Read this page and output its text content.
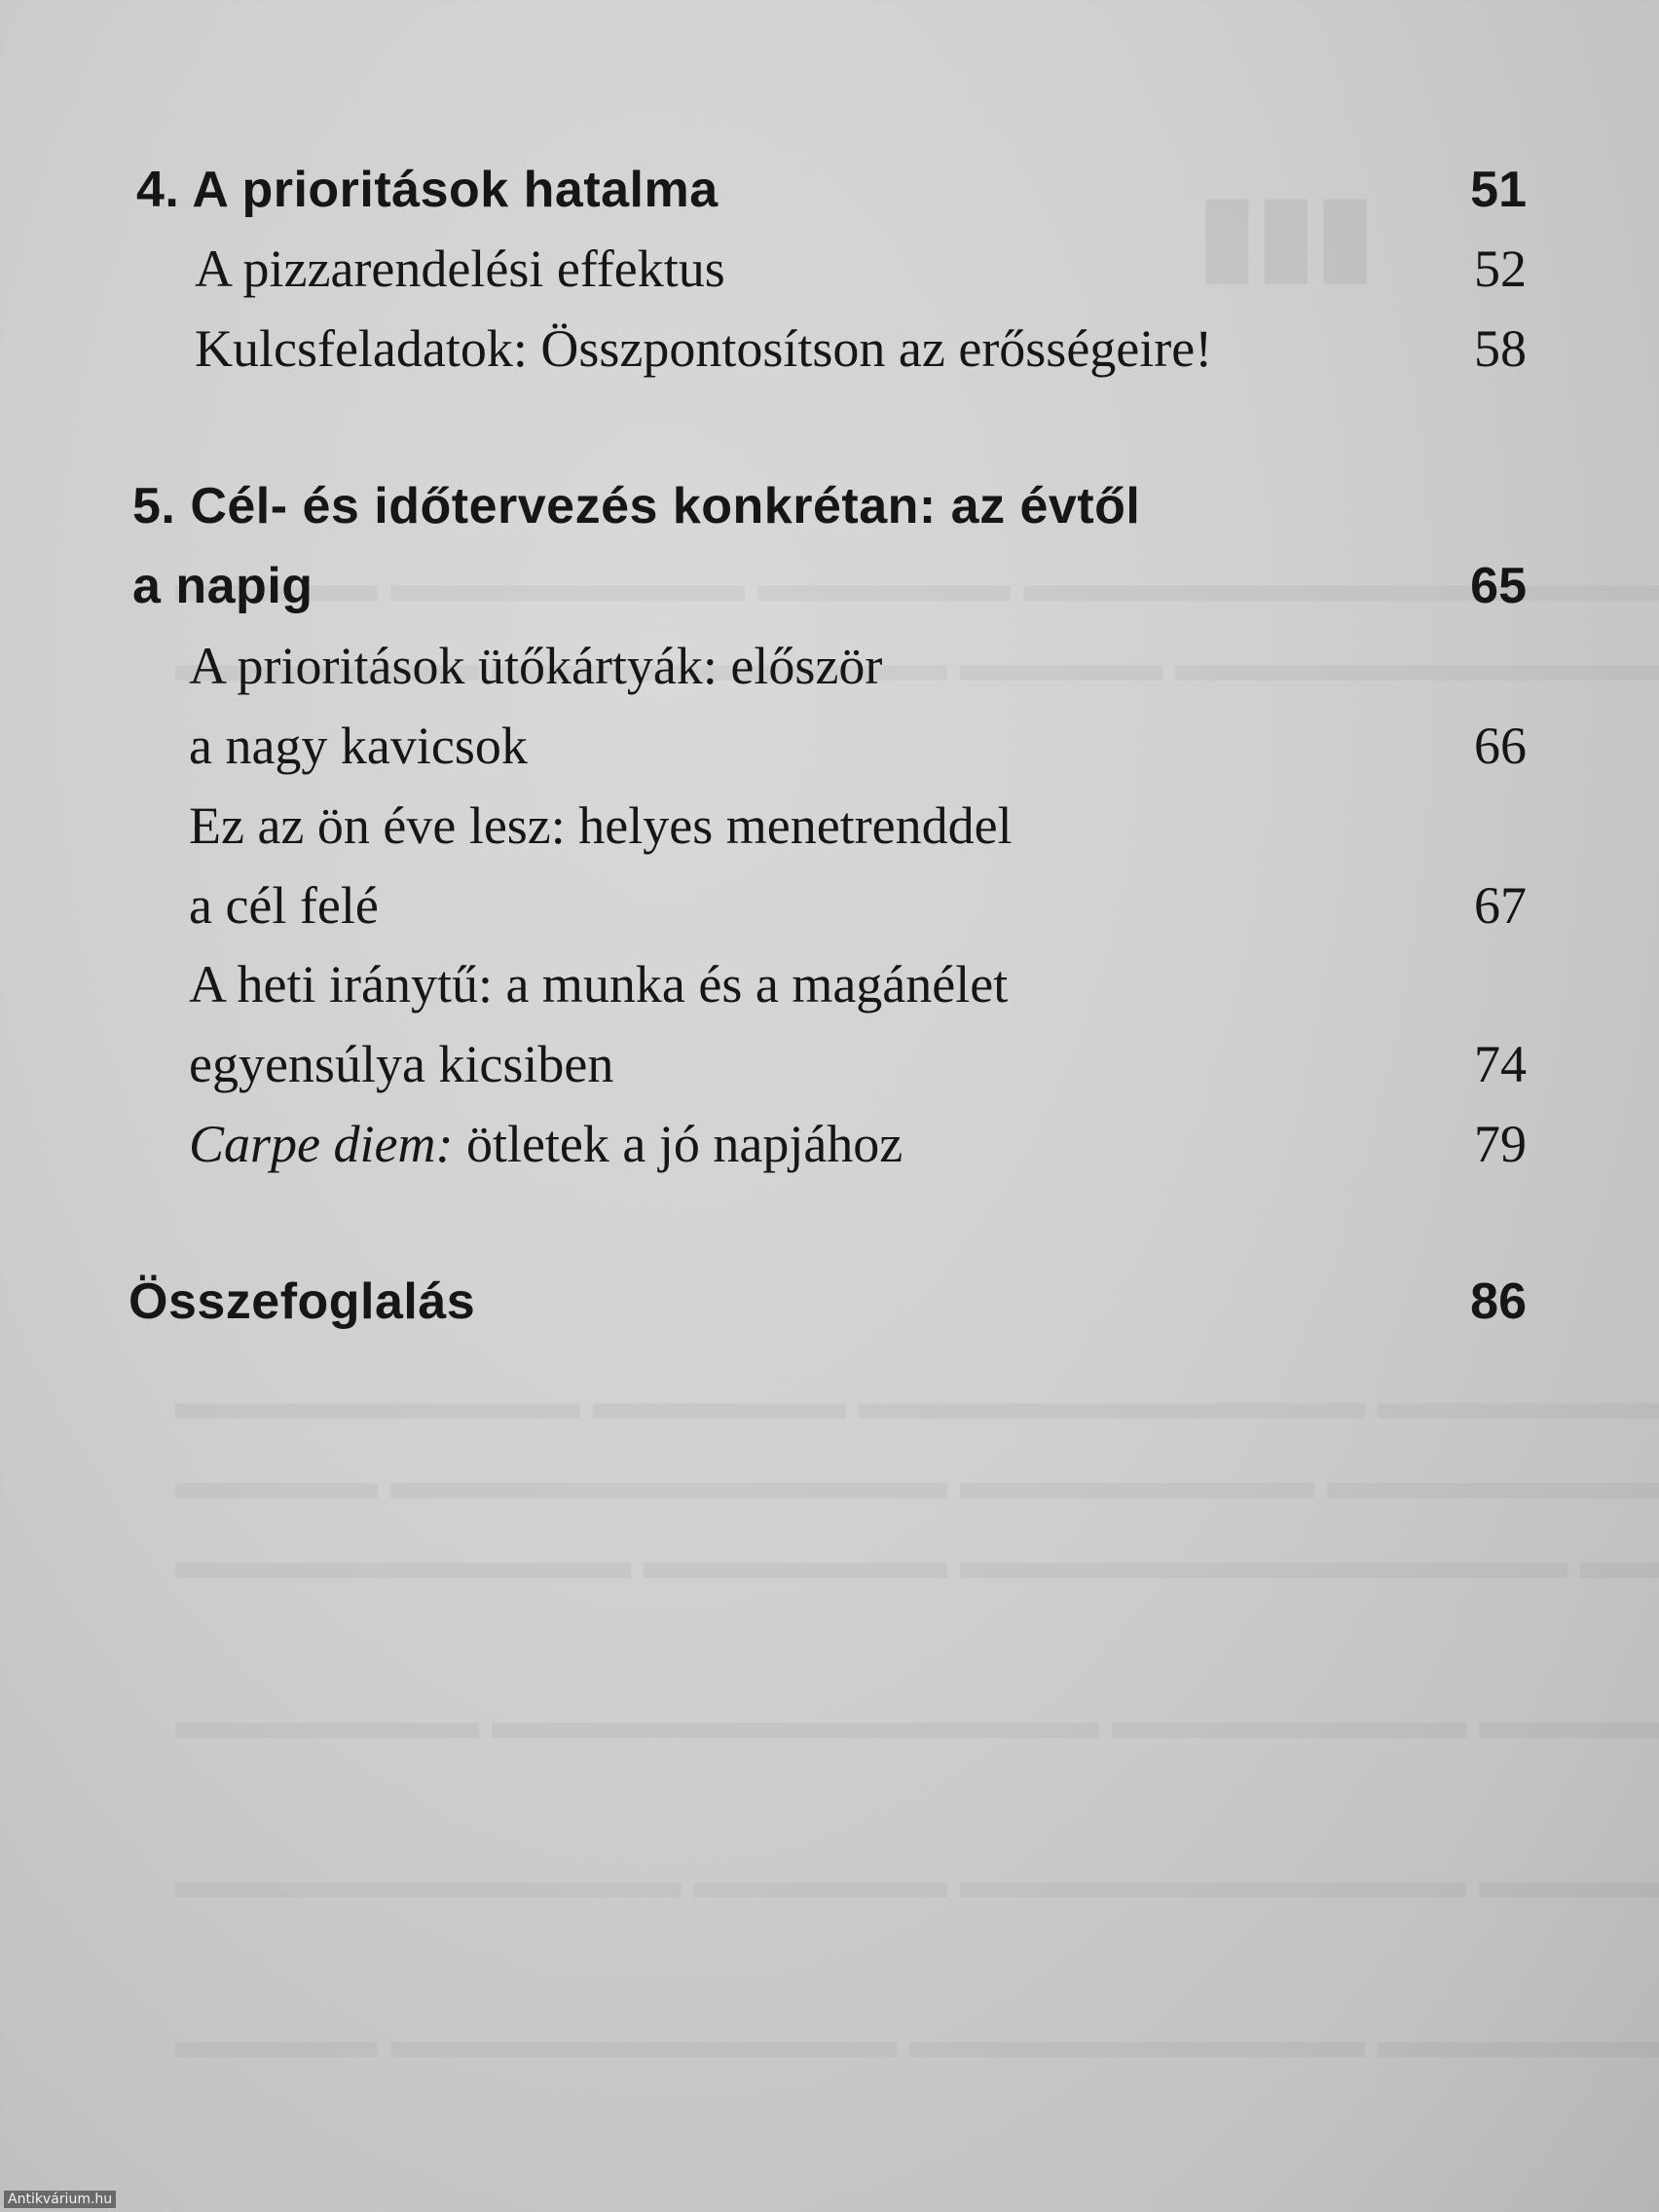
▮▮▮
4. A prioritások hatalma	51
A pizzarendelési effektus	52
Kulcsfeladatok: Összpontosítson az erősségeire!	58
5. Cél- és időtervezés konkrétan: az évtől
a napig	65
A prioritások ütőkártyák: először
a nagy kavicsok	66
Ez az ön éve lesz: helyes menetrenddel
a cél felé	67
A heti iránytű: a munka és a magánélet
egyensúlya kicsiben	74
Carpe diem: ötletek a jó napjához	79
Összefoglalás	86
Antikvárium.hu
